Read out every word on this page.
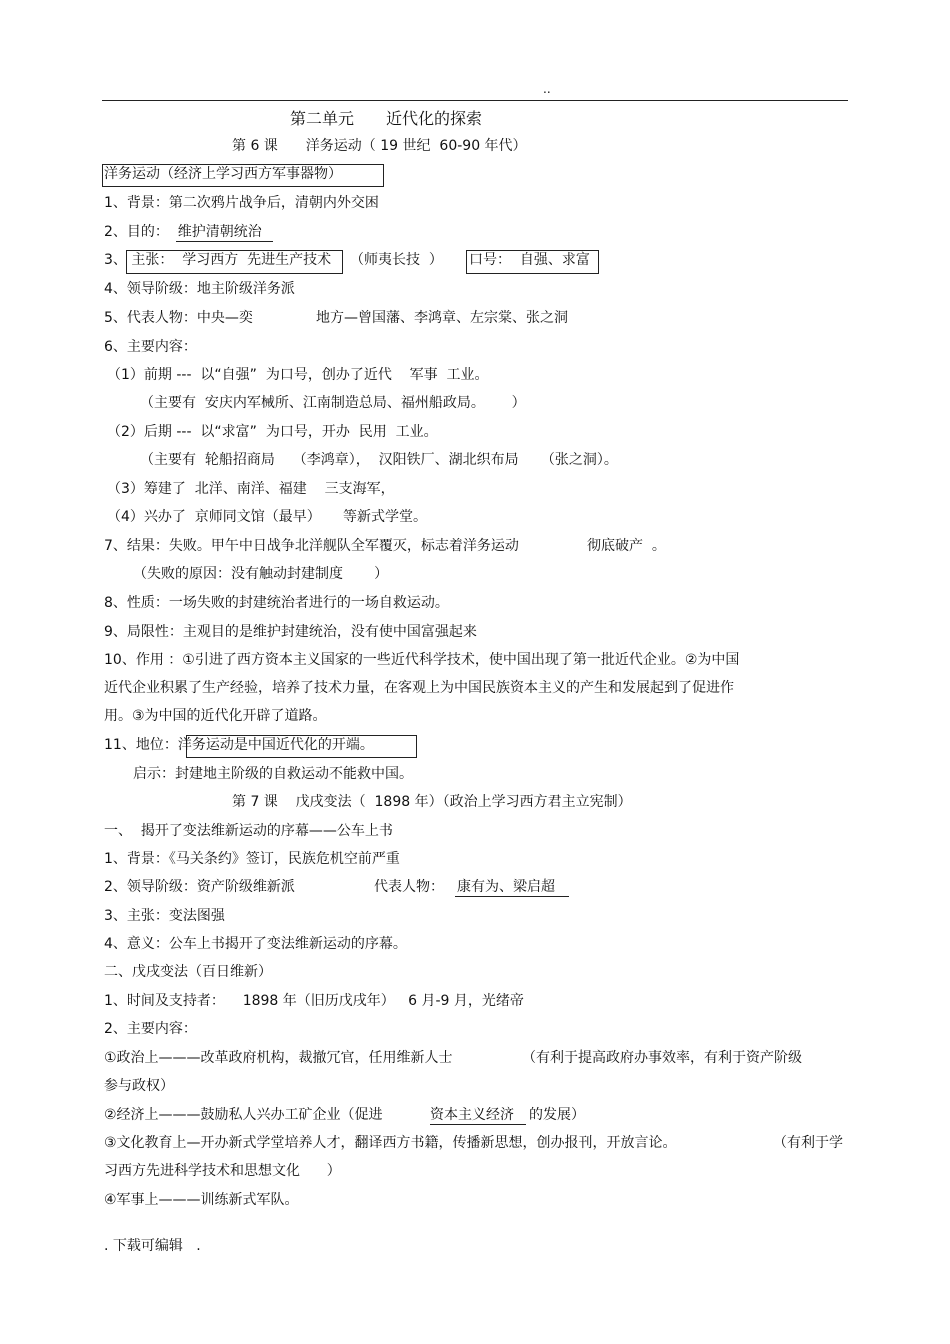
..
第二单元　　近代化的探索
第 6 课　　洋务运动（ 19 世纪  60-90 年代）
洋务运动（经济上学习西方军事器物）
1、背景：第二次鸦片战争后，清朝内外交困
2、目的：  维护清朝统治
3、 主张：  学习西方  先进生产技术 （师夷长技  ） 口号：  自强、求富
4、领导阶级：地主阶级洋务派
5、代表人物：中央—奕	地方—曾国藩、李鸿章、左宗棠、张之洞
6、主要内容：
（1）前期 ---  以“自强”  为口号，创办了近代    军事  工业。
（主要有  安庆内军械所、江南制造总局、福州船政局。      ）
（2）后期 ---  以“求富”  为口号，开办  民用  工业。
（主要有  轮船招商局    （李鸿章），  汉阳铁厂、湖北织布局     （张之洞）。
（3）筹建了  北洋、南洋、福建    三支海军，
（4）兴办了  京师同文馆（最早）     等新式学堂。
7、结果：失败。甲午中日战争北洋舰队全军覆灭，标志着洋务运动	彻底破产  。
（失败的原因：没有触动封建制度       ）
8、性质：一场失败的封建统治者进行的一场自救运动。
9、局限性：主观目的是维护封建统治，没有使中国富强起来
10、作用 ：①引进了西方资本主义国家的一些近代科学技术，使中国出现了第一批近代企业。②为中国
近代企业积累了生产经验，培养了技术力量，在客观上为中国民族资本主义的产生和发展起到了促进作
用。③为中国的近代化开辟了道路。
11、地位：洋务运动是中国近代化的开端。
启示：封建地主阶级的自救运动不能救中国。
第 7 课    戊戌变法（  1898 年）（政治上学习西方君主立宪制）
一、  揭开了变法维新运动的序幕——公车上书
1、背景：《马关条约》签订，民族危机空前严重
2、领导阶级：资产阶级维新派	代表人物： 康有为、梁启超
3、主张：变法图强
4、意义：公车上书揭开了变法维新运动的序幕。
二、戊戌变法（百日维新）
1、时间及支持者：    1898 年（旧历戊戌年）   6 月-9 月，光绪帝
2、主要内容：
①政治上———改革政府机构，裁撤冗官，任用维新人士	（有利于提高政府办事效率，有利于资产阶级
参与政权）
②经济上———鼓励私人兴办工矿企业（促进	资本主义经济 的发展）
③文化教育上—开办新式学堂培养人才，翻译西方书籍，传播新思想，创办报刊，开放言论。	（有利于学
习西方先进科学技术和思想文化      ）
④军事上———训练新式军队。
. 下载可编辑   .
